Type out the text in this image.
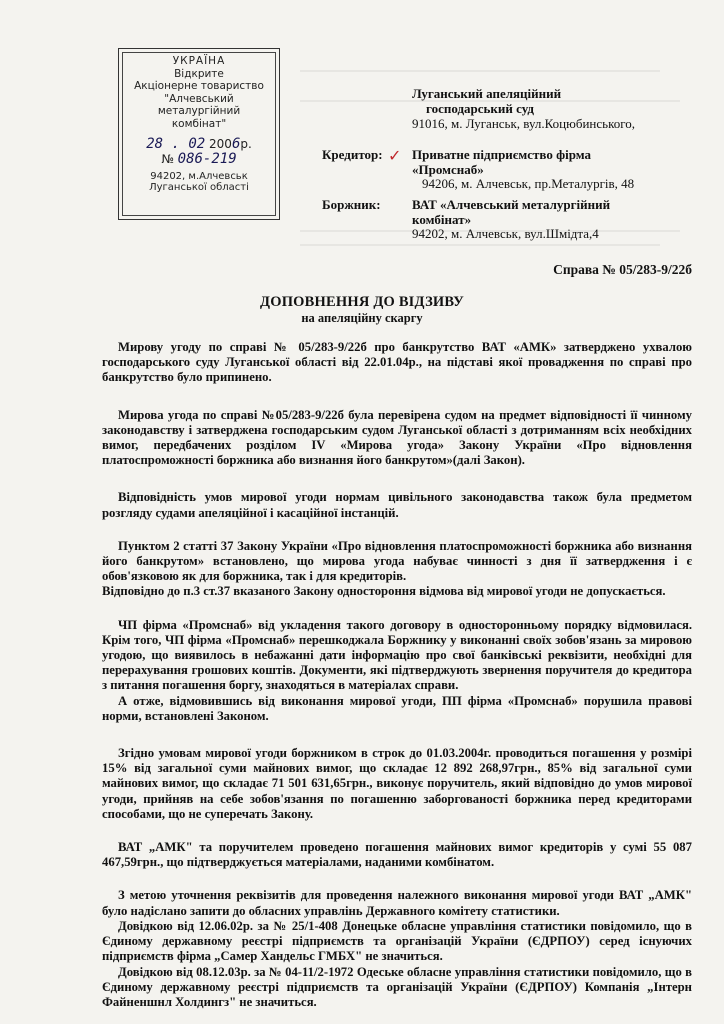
УКРАЇНА
Відкрите
Акціонерне товариство
"Алчевський
металургійний
комбінат"
28 . 02 2006р.
№ 086-219
94202, м.Алчевськ
Луганської області
Луганський апеляційний
господарський суд
91016, м. Луганськ, вул.Коцюбинського,
✓
Кредитор: Приватне підприємство фірма
«Промснаб»
94206, м. Алчевськ, пр.Металургів, 48
Боржник: ВАТ «Алчевський металургійний
комбінат»
94202, м. Алчевськ, вул.Шмідта,4
Справа № 05/283-9/22б
ДОПОВНЕННЯ ДО ВІДЗИВУ
на апеляційну скаргу

Мирову угоду по справі № 05/283-9/22б про банкрутство ВАТ «АМК» затверджено ухвалою господарського суду Луганської області від 22.01.04р., на підставі якої провадження по справі про банкрутство було припинено.

Мирова угода по справі №05/283-9/22б була перевірена судом на предмет відповідності її чинному законодавству і затверджена господарським судом Луганської області з дотриманням всіх необхідних вимог, передбачених розділом IV «Мирова угода» Закону України «Про відновлення платоспроможності боржника або визнання його банкрутом»(далі Закон).

Відповідність умов мирової угоди нормам цивільного законодавства також була предметом розгляду судами апеляційної і касаційної інстанцій.

Пунктом 2 статті 37 Закону України «Про відновлення платоспроможності боржника або визнання його банкрутом» встановлено, що мирова угода набуває чинності з дня її затвердження і є обов'язковою як для боржника, так і для кредиторів.

Відповідно до п.3 ст.37 вказаного Закону одностороння відмова від мирової угоди не допускається.

ЧП фірма «Промснаб» від укладення такого договору в односторонньому порядку відмовилася. Крім того, ЧП фірма «Промснаб» перешкоджала Боржнику у виконанні своїх зобов'язань за мировою угодою, що виявилось в небажанні дати інформацію про свої банківські реквізити, необхідні для перерахування грошових коштів. Документи, які підтверджують звернення поручителя до кредитора з питання погашення боргу, знаходяться в матеріалах справи.

А отже, відмовившись від виконання мирової угоди, ПП фірма «Промснаб» порушила правові норми, встановлені Законом.

Згідно умовам мирової угоди боржником в строк до 01.03.2004г. проводиться погашення у розмірі 15% від загальної суми майнових вимог, що складає 12 892 268,97грн., 85% від загальної суми майнових вимог, що складає 71 501 631,65грн., виконує поручитель, який відповідно до умов мирової угоди, прийняв на себе зобов'язання по погашенню заборгованості боржника перед кредиторами способами, що не суперечать Закону.

ВАТ „АМК" та поручителем проведено погашення майнових вимог кредиторів у сумі 55 087 467,59грн., що підтверджується матеріалами, наданими комбінатом.

З метою уточнення реквізитів для проведення належного виконання мирової угоди ВАТ „АМК" було надіслано запити до обласних управлінь Державного комітету статистики.

Довідкою від 12.06.02р. за № 25/1-408 Донецьке обласне управління статистики повідомило, що в Єдиному державному реєстрі підприємств та організацій України (ЄДРПОУ) серед існуючих підприємств фірма „Самер Хандельс ГМБХ" не значиться.

Довідкою від 08.12.03р. за № 04-11/2-1972 Одеське обласне управління статистики повідомило, що в Єдиному державному реєстрі підприємств та організацій України (ЄДРПОУ) Компанія „Інтерн Файненшнл Холдингз" не значиться.
